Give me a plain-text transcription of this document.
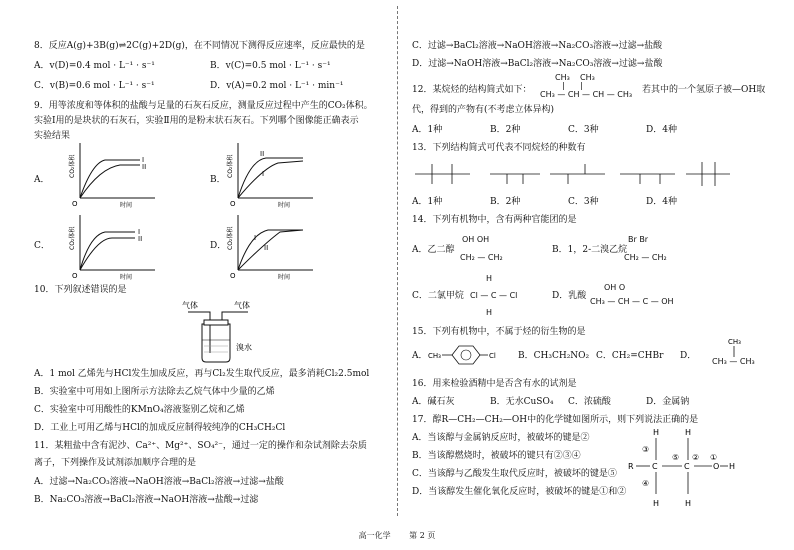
8．反应A(g)+3B(g)⇌2C(g)+2D(g)，在不同情况下测得反应速率，反应最快的是
A．v(D)=0.4 mol · L⁻¹ · s⁻¹	B．v(C)=0.5 mol · L⁻¹ · s⁻¹
C．v(B)=0.6 mol · L⁻¹ · s⁻¹	D．v(A)=0.2 mol · L⁻¹ · min⁻¹
9．用等浓度和等体积的盐酸与足量的石灰石反应，测量反应过程中产生的CO₂体积。
实验Ⅰ用的是块状的石灰石，实验Ⅱ用的是粉末状石灰石。下列哪个图像能正确表示
实验结果
A．	B．
C．	D．
I
II
O	时间
CO₂体积
II
I
O	时间
CO₂体积
I
II
O	时间
CO₂体积	I
II
O	时间
CO₂体积
10．下列叙述错误的是
气体	气体
溴水
A．1 mol 乙烯先与HCl发生加成反应，再与Cl₂发生取代反应，最多消耗Cl₂2.5mol
B．实验室中可用如上图所示方法除去乙烷气体中少量的乙烯
C．实验室中可用酸性的KMnO₄溶液鉴别乙烷和乙烯
D．工业上可用乙烯与HCl的加成反应制得较纯净的CH₃CH₂Cl
11．某粗盐中含有泥沙、Ca²⁺、Mg²⁺、SO₄²⁻，通过一定的操作和杂试剂除去杂质
离子，下列操作及试剂添加顺序合理的是
A．过滤→Na₂CO₃溶液→NaOH溶液→BaCl₂溶液→过滤→盐酸
B．Na₂CO₃溶液→BaCl₂溶液→NaOH溶液→盐酸→过滤
C．过滤→BaCl₂溶液→NaOH溶液→Na₂CO₃溶液→过滤→盐酸
D．过滤→NaOH溶液→BaCl₂溶液→Na₂CO₃溶液→过滤→盐酸
12．某烷烃的结构简式如下：
CH₃ CH₃
|      |
CH₃ — CH — CH — CH₃ 若其中的一个氢原子被—OH取
代，得到的产物有(不考虑立体异构)
A．1种	B．2种	C．3种	D．4种
13．下列结构简式可代表不同烷烃的种数有
A．1种	B．2种	C．3种	D．4种
14．下列有机物中，含有两种官能团的是
A．乙二醇
OH OH
CH₂ — CH₂
B．1，2-二溴乙烷
Br Br
CH₂ — CH₂
C．二氯甲烷
H
Cl — C — Cl
H
D．乳酸
OH O
CH₃ — CH — C — OH
15．下列有机物中，不属于烃的衍生物的是
A． CH₃	Cl B．CH₃CH₂NO₂ C．CH₂=CHBr D．
CH₃ — CH₃
CH₃
16．用来检验酒精中是否含有水的试剂是
A．碱石灰	B．无水CuSO₄ C．浓硫酸	D．金属钠
17．醇R—CH₂—CH₂—OH中的化学键如图所示，则下列说法正确的是
A．当该醇与金属钠反应时，被破坏的键是②
B．当该醇燃烧时，被破坏的键只有②③④
C．当该醇与乙酸发生取代反应时，被破坏的键是⑤
D．当该醇发生催化氧化反应时，被破坏的键是①和②
H	H
R C	C	O H
H	H
①
②
③
④
⑤
高一化学 第 2 页
